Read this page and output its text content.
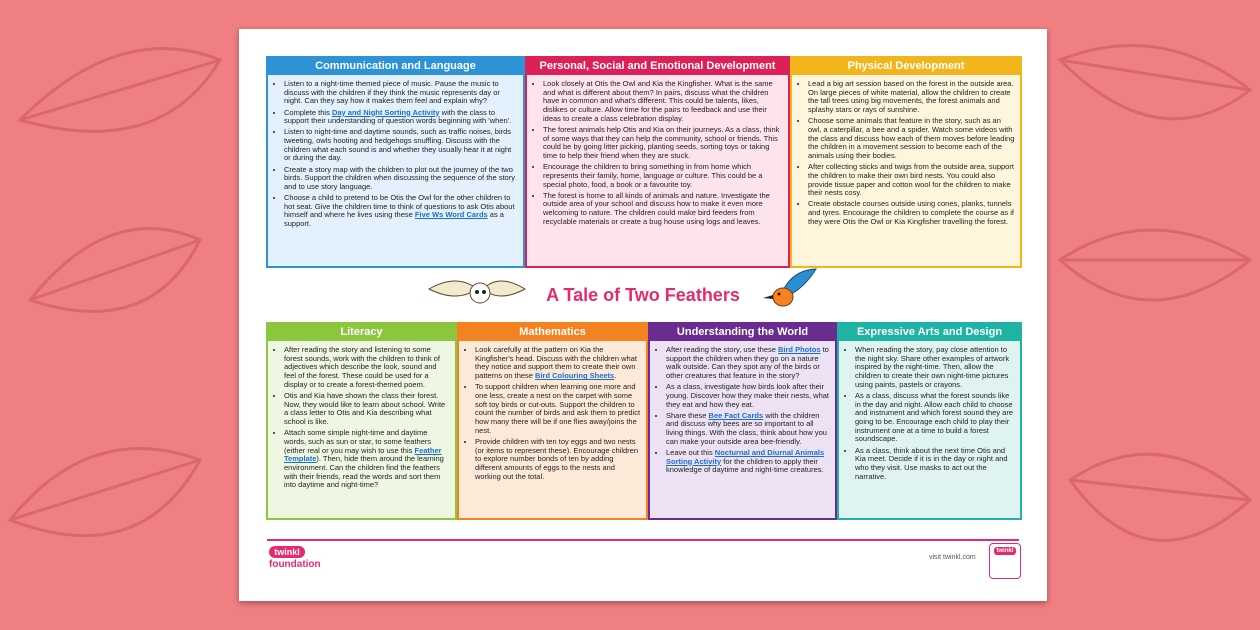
Communication and Language
• Listen to a night-time themed piece of music. Pause the music to discuss with the children if they think the music represents day or night. Can they say how it makes them feel and explain why?
• Complete this Day and Night Sorting Activity with the class to support their understanding of question words beginning with 'when'.
• Listen to night-time and daytime sounds, such as traffic noises, birds tweeting, owls hooting and hedgehogs snuffling. Discuss with the children what each sound is and whether they usually hear it at night or during the day.
• Create a story map with the children to plot out the journey of the two birds. Support the children when discussing the sequence of the story and to use story language.
• Choose a child to pretend to be Otis the Owl for the other children to hot seat. Give the children time to think of questions to ask Otis about himself and where he lives using these Five Ws Word Cards as a support.
Personal, Social and Emotional Development
• Look closely at Otis the Owl and Kia the Kingfisher. What is the same and what is different about them? In pairs, discuss what the children have in common and what's different. This could be talents, likes, dislikes or culture. Allow time for the pairs to feedback and use their ideas to create a class celebration display.
• The forest animals help Otis and Kia on their journeys. As a class, think of some ways that they can help the community, school or friends. This could be by going litter picking, planting seeds, sorting toys or taking time to help their friend when they are stuck.
• Encourage the children to bring something in from home which represents their family, home, language or culture. This could be a special photo, food, a book or a favourite toy.
• The forest is home to all kinds of animals and nature. Investigate the outside area of your school and discuss how to make it even more welcoming to nature. The children could make bird feeders from recyclable materials or create a bug house using logs and leaves.
Physical Development
• Lead a big art session based on the forest in the outside area. On large pieces of white material, allow the children to create the tall trees using big movements, the forest animals and splashy stars or rays of sunshine.
• Choose some animals that feature in the story, such as an owl, a caterpillar, a bee and a spider. Watch some videos with the class and discuss how each of them moves before leading the children in a movement session to become each of the animals using their bodies.
• After collecting sticks and twigs from the outside area, support the children to make their own bird nests. You could also provide tissue paper and cotton wool for the children to make their nests cosy.
• Create obstacle courses outside using cones, planks, tunnels and tyres. Encourage the children to complete the course as if they were Otis the Owl or Kia Kingfisher travelling the forest.
A Tale of Two Feathers
Literacy
• After reading the story and listening to some forest sounds, work with the children to think of adjectives which describe the look, sound and feel of the forest. These could be used for a display or to create a forest-themed poem.
• Otis and Kia have shown the class their forest. Now, they would like to learn about school. Write a class letter to Otis and Kia describing what school is like.
• Attach some simple night-time and daytime words, such as sun or star, to some feathers (either real or you may wish to use this Feather Template). Then, hide them around the learning environment. Can the children find the feathers with their friends, read the words and sort them into daytime and night-time?
Mathematics
• Look carefully at the pattern on Kia the Kingfisher's head. Discuss with the children what they notice and support them to create their own patterns on these Bird Colouring Sheets.
• To support children when learning one more and one less, create a nest on the carpet with some soft toy birds or cut-outs. Support the children to count the number of birds and ask them to predict how many there will be if one flies away/joins the nest.
• Provide children with ten toy eggs and two nests (or items to represent these). Encourage children to explore number bonds of ten by adding different amounts of eggs to the nests and working out the total.
Understanding the World
• After reading the story, use these Bird Photos to support the children when they go on a nature walk outside. Can they spot any of the birds or other creatures that feature in the story?
• As a class, investigate how birds look after their young. Discover how they make their nests, what they eat and how they eat.
• Share these Bee Fact Cards with the children and discuss why bees are so important to all living things. With the class, think about how you can make your outside area bee-friendly.
• Leave out this Nocturnal and Diurnal Animals Sorting Activity for the children to apply their knowledge of daytime and night-time creatures.
Expressive Arts and Design
• When reading the story, pay close attention to the night sky. Share other examples of artwork inspired by the night-time. Then, allow the children to create their own night-time pictures using paints, pastels or crayons.
• As a class, discuss what the forest sounds like in the day and night. Allow each child to choose and instrument and which forest sound they are going to be. Encourage each child to play their instrument one at a time to build a forest soundscape.
• As a class, think about the next time Otis and Kia meet. Decide if it is in the day or night and who they visit. Use masks to act out the narrative.
twinkl
foundation
visit twinkl.com
twinkl
